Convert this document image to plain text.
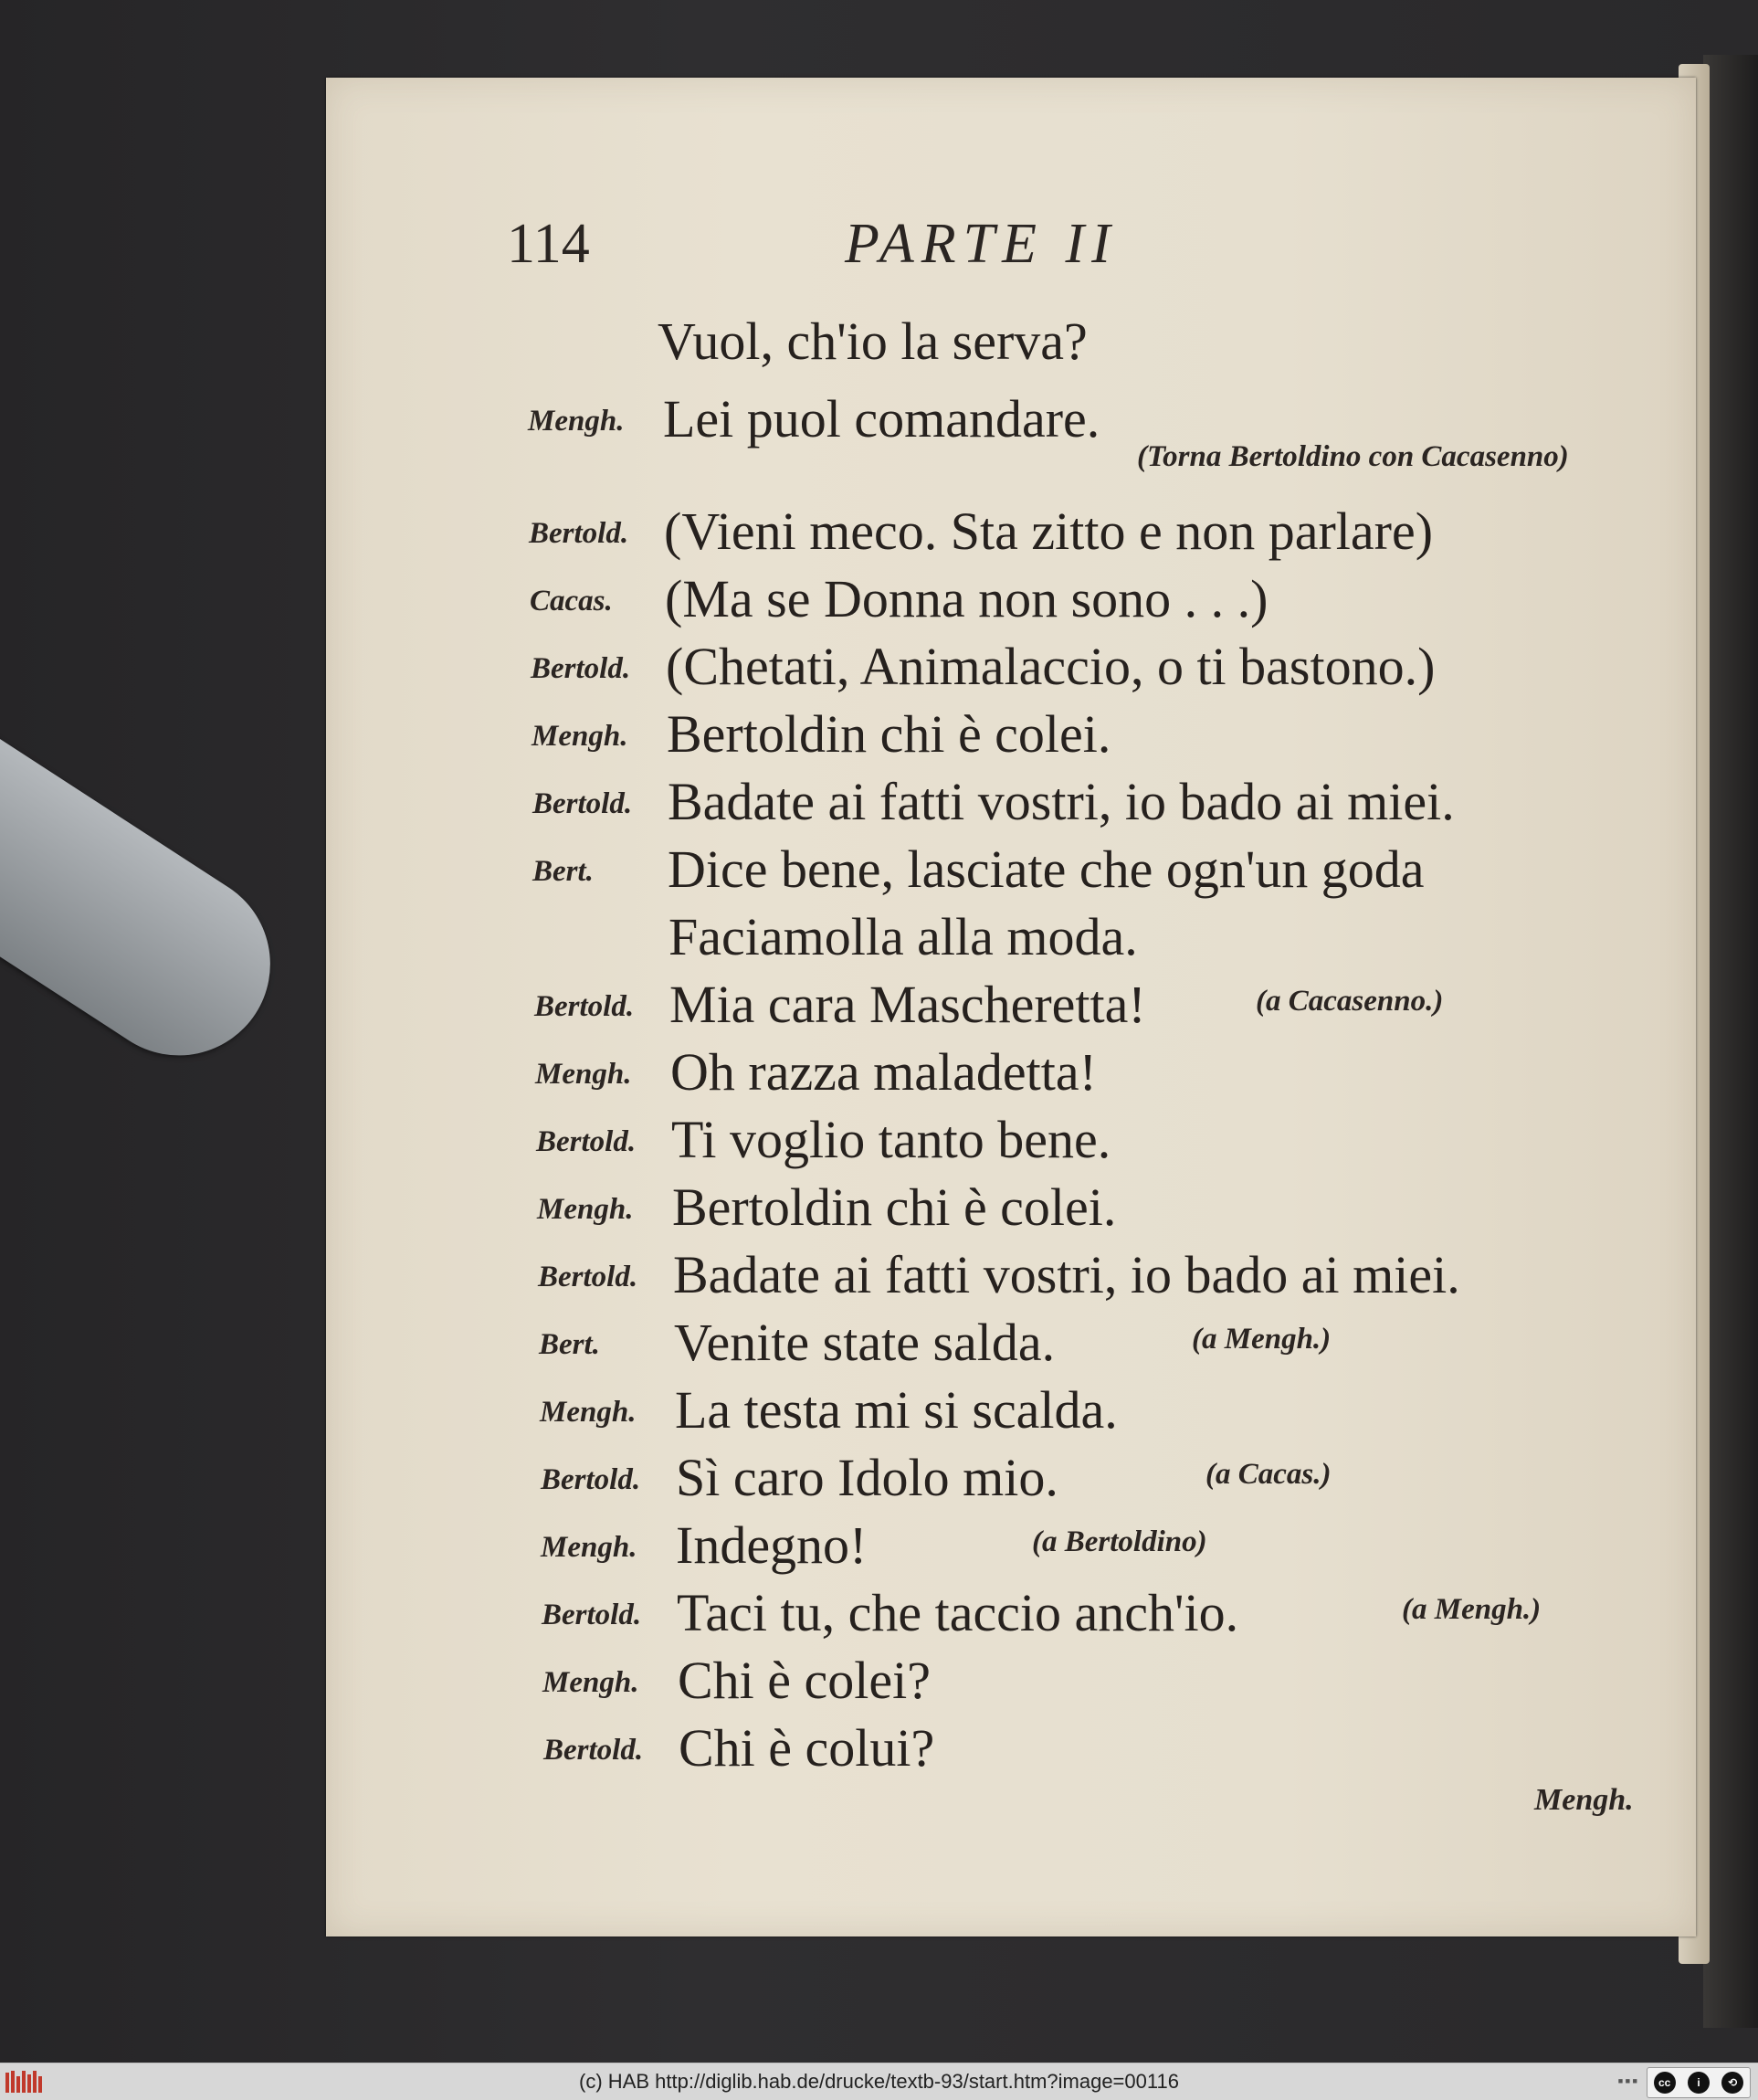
114	PARTE II
Vuol, ch'io la serva?
Mengh. Lei puol comandare.
(Torna Bertoldino con Cacasenno)
Bertold. (Vieni meco. Sta zitto e non parlare)
Cacas. (Ma se Donna non sono . . .)
Bertold. (Chetati, Animalaccio, o ti bastono.)
Mengh. Bertoldin chi è colei.
Bertold. Badate ai fatti vostri, io bado ai miei.
Bert. Dice bene, lasciate che ogn'un goda
Faciamolla alla moda.
Bertold. Mia cara Mascheretta!	(a Cacasenno.)
Mengh. Oh razza maladetta!
Bertold. Ti voglio tanto bene.
Mengh. Bertoldin chi è colei.
Bertold. Badate ai fatti vostri, io bado ai miei.
Bert. Venite state salda.	(a Mengh.)
Mengh. La testa mi si scalda.
Bertold. Sì caro Idolo mio.	(a Cacas.)
Mengh. Indegno!	(a Bertoldino)
Bertold. Taci tu, che taccio anch'io.	(a Mengh.)
Mengh. Chi è colei?
Bertold. Chi è colui?
Mengh.
(c) HAB http://diglib.hab.de/drucke/textb-93/start.htm?image=00116	■ ■ ■	cc	i	⟲
